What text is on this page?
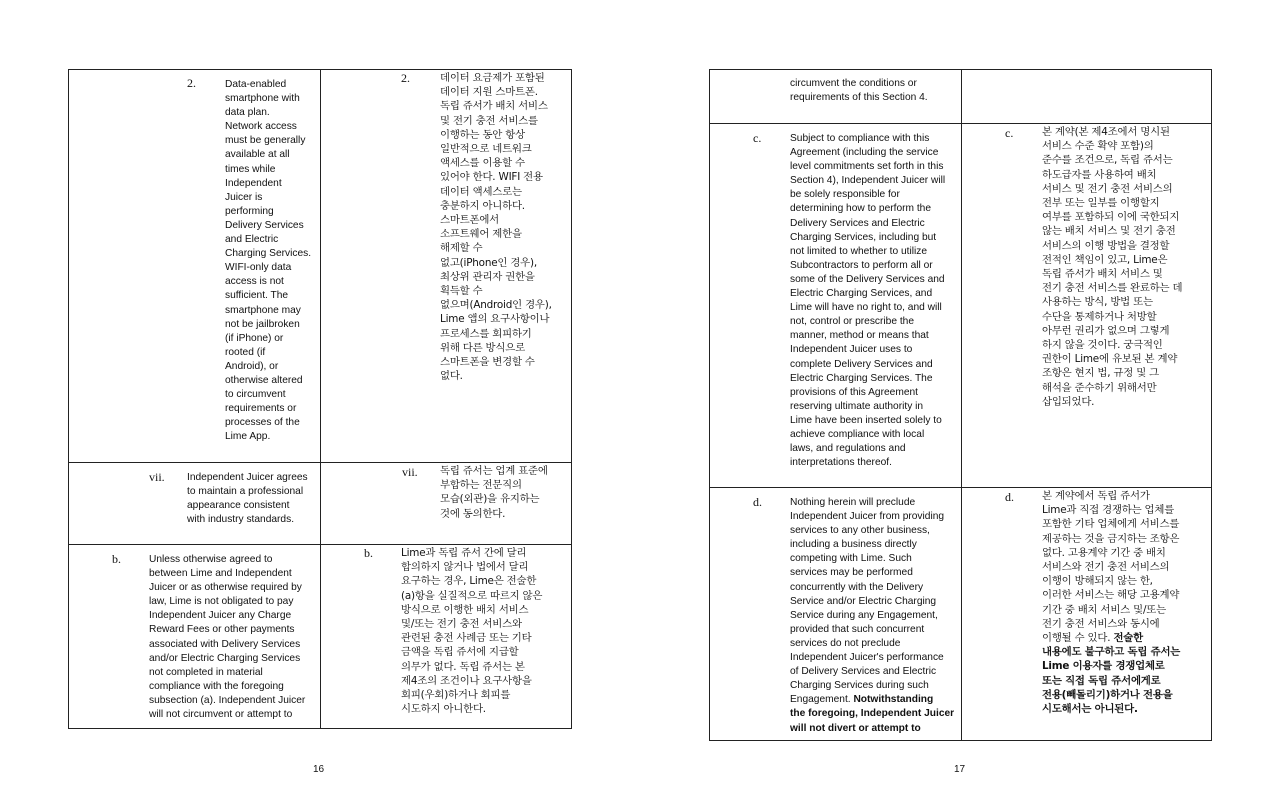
2.	Data-enabled
smartphone with
data plan.
Network access
must be generally
available at all
times while
Independent
Juicer is
performing
Delivery Services
and Electric
Charging Services.
WIFI-only data
access is not
sufficient. The
smartphone may
not be jailbroken
(if iPhone) or
rooted (if
Android), or
otherwise altered
to circumvent
requirements or
processes of the
Lime App.
2.	데이터 요금제가 포함된
데이터 지원 스마트폰.
독립 쥬서가 배치 서비스
및 전기 충전 서비스를
이행하는 동안 항상
일반적으로 네트워크
액세스를 이용할 수
있어야 한다. WIFI 전용
데이터 액세스로는
충분하지 아니하다.
스마트폰에서
소프트웨어 제한을
해제할 수
없고(iPhone인 경우),
최상위 관리자 권한을
획득할 수
없으며(Android인 경우),
Lime 앱의 요구사항이나
프로세스를 회피하기
위해 다른 방식으로
스마트폰을 변경할 수
없다.
vii. Independent Juicer agrees
to maintain a professional
appearance consistent
with industry standards.
vii. 독립 쥬서는 업계 표준에
부합하는 전문직의
모습(외관)을 유지하는
것에 동의한다.
b.	Unless otherwise agreed to
between Lime and Independent
Juicer or as otherwise required by
law, Lime is not obligated to pay
Independent Juicer any Charge
Reward Fees or other payments
associated with Delivery Services
and/or Electric Charging Services
not completed in material
compliance with the foregoing
subsection (a). Independent Juicer
will not circumvent or attempt to
b.	Lime과 독립 쥬서 간에 달리
합의하지 않거나 법에서 달리
요구하는 경우, Lime은 전술한
(a)항을 실질적으로 따르지 않은
방식으로 이행한 배치 서비스
및/또는 전기 충전 서비스와
관련된 충전 사례금 또는 기타
금액을 독립 쥬서에 지급할
의무가 없다. 독립 쥬서는 본
제4조의 조건이나 요구사항을
회피(우회)하거나 회피를
시도하지 아니한다.
16
circumvent the conditions or
requirements of this Section 4.
c.	Subject to compliance with this
Agreement (including the service
level commitments set forth in this
Section 4), Independent Juicer will
be solely responsible for
determining how to perform the
Delivery Services and Electric
Charging Services, including but
not limited to whether to utilize
Subcontractors to perform all or
some of the Delivery Services and
Electric Charging Services, and
Lime will have no right to, and will
not, control or prescribe the
manner, method or means that
Independent Juicer uses to
complete Delivery Services and
Electric Charging Services. The
provisions of this Agreement
reserving ultimate authority in
Lime have been inserted solely to
achieve compliance with local
laws, and regulations and
interpretations thereof.
c.	본 계약(본 제4조에서 명시된
서비스 수준 확약 포함)의
준수를 조건으로, 독립 쥬서는
하도급자를 사용하여 배치
서비스 및 전기 충전 서비스의
전부 또는 일부를 이행할지
여부를 포함하되 이에 국한되지
않는 배치 서비스 및 전기 충전
서비스의 이행 방법을 결정할
전적인 책임이 있고, Lime은
독립 쥬서가 배치 서비스 및
전기 충전 서비스를 완료하는 데
사용하는 방식, 방법 또는
수단을 통제하거나 처방할
아무런 권리가 없으며 그렇게
하지 않을 것이다. 궁극적인
권한이 Lime에 유보된 본 계약
조항은 현지 법, 규정 및 그
해석을 준수하기 위해서만
삽입되었다.
d.	Nothing herein will preclude
Independent Juicer from providing
services to any other business,
including a business directly
competing with Lime. Such
services may be performed
concurrently with the Delivery
Service and/or Electric Charging
Service during any Engagement,
provided that such concurrent
services do not preclude
Independent Juicer's performance
of Delivery Services and Electric
Charging Services during such
Engagement. Notwithstanding
the foregoing, Independent Juicer
will not divert or attempt to
d.	본 계약에서 독립 쥬서가
Lime과 직접 경쟁하는 업체를
포함한 기타 업체에게 서비스를
제공하는 것을 금지하는 조항은
없다. 고용계약 기간 중 배치
서비스와 전기 충전 서비스의
이행이 방해되지 않는 한,
이러한 서비스는 해당 고용계약
기간 중 배치 서비스 및/또는
전기 충전 서비스와 동시에
이행될 수 있다. 전술한
내용에도 불구하고 독립 쥬서는
Lime 이용자를 경쟁업체로
또는 직접 독립 쥬서에게로
전용(빼돌리기)하거나 전용을
시도해서는 아니된다.
17
